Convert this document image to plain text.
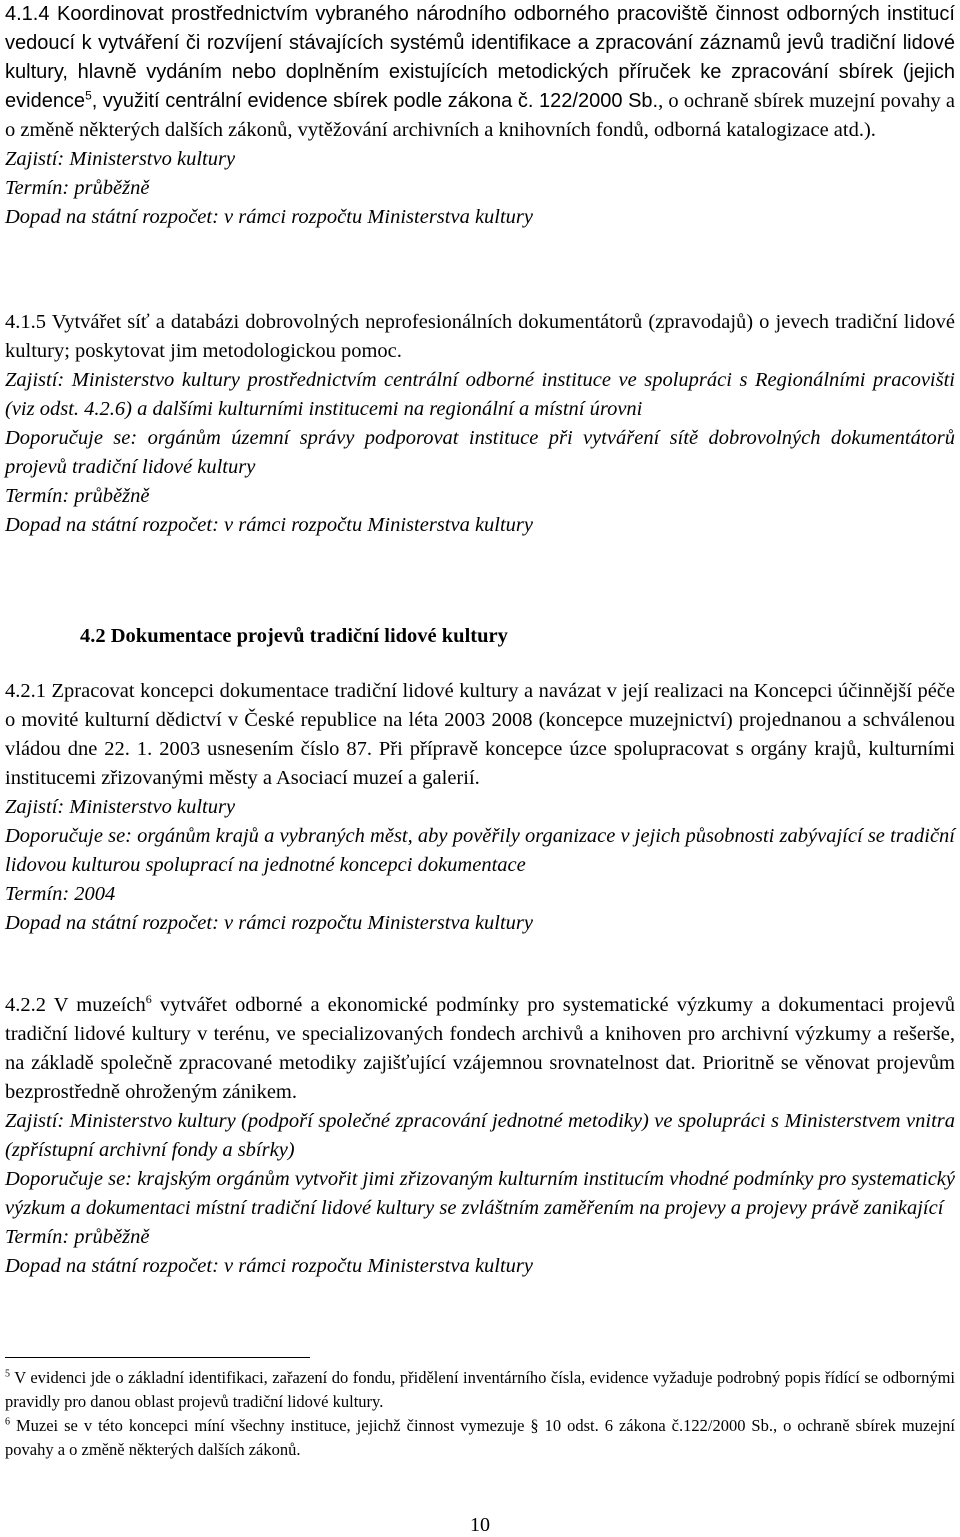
4.1.4 Koordinovat prostřednictvím vybraného národního odborného pracoviště činnost odborných institucí vedoucí k vytváření či rozvíjení stávajících systémů identifikace a zpracování záznamů jevů tradiční lidové kultury, hlavně vydáním nebo doplněním existujících metodických příruček ke zpracování sbírek (jejich evidence$^5$, využití centrální evidence sbírek podle zákona č. 122/2000 Sb., o ochraně sbírek muzejní povahy a o změně některých dalších zákonů, vytěžování archivních a knihovních fondů, odborná katalogizace atd.).

Zajistí: Ministerstvo kultury

Termín: průběžně

Dopad na státní rozpočet: v rámci rozpočtu Ministerstva kultury

4.1.5 Vytvářet síť a databázi dobrovolných neprofesionálních dokumentátorů (zpravodajů) o jevech tradiční lidové kultury; poskytovat jim metodologickou pomoc.

Zajistí: Ministerstvo kultury prostřednictvím centrální odborné instituce ve spolupráci s Regionálními pracovišti (viz odst. 4.2.6) a dalšími kulturními institucemi na regionální a místní úrovni

Doporučuje se: orgánům územní správy podporovat instituce při vytváření sítě dobrovolných dokumentátorů projevů tradiční lidové kultury

Termín: průběžně

Dopad na státní rozpočet: v rámci rozpočtu Ministerstva kultury

4.2 Dokumentace projevů tradiční lidové kultury

4.2.1 Zpracovat koncepci dokumentace tradiční lidové kultury a navázat v její realizaci na Koncepci účinnější péče o movité kulturní dědictví v České republice na léta 2003 2008 (koncepce muzejnictví) projednanou a schválenou vládou dne 22. 1. 2003 usnesením číslo 87. Při přípravě koncepce úzce spolupracovat s orgány krajů, kulturními institucemi zřizovanými městy a Asociací muzeí a galerií.

Zajistí: Ministerstvo kultury

Doporučuje se: orgánům krajů a vybraných měst, aby pověřily organizace v jejich působnosti zabývající se tradiční lidovou kulturou spoluprací na jednotné koncepci dokumentace

Termín: 2004

Dopad na státní rozpočet: v rámci rozpočtu Ministerstva kultury

4.2.2 V muzeích$^6$ vytvářet odborné a ekonomické podmínky pro systematické výzkumy a dokumentaci projevů tradiční lidové kultury v terénu, ve specializovaných fondech archivů a knihoven pro archivní výzkumy a rešerše, na základě společně zpracované metodiky zajišťující vzájemnou srovnatelnost dat. Prioritně se věnovat projevům bezprostředně ohroženým zánikem.

Zajistí: Ministerstvo kultury (podpoří společné zpracování jednotné metodiky) ve spolupráci s Ministerstvem vnitra (zpřístupní archivní fondy a sbírky)

Doporučuje se: krajským orgánům vytvořit jimi zřizovaným kulturním institucím vhodné podmínky pro systematický výzkum a dokumentaci místní tradiční lidové kultury se zvláštním zaměřením na projevy a projevy právě zanikající

Termín: průběžně

Dopad na státní rozpočet: v rámci rozpočtu Ministerstva kultury

$^5$ V evidenci jde o základní identifikaci, zařazení do fondu, přidělení inventárního čísla, evidence vyžaduje podrobný popis řídící se odbornými pravidly pro danou oblast projevů tradiční lidové kultury.

$^6$ Muzei se v této koncepci míní všechny instituce, jejichž činnost vymezuje § 10 odst. 6 zákona č.122/2000 Sb., o ochraně sbírek muzejní povahy a o změně některých dalších zákonů.

10
